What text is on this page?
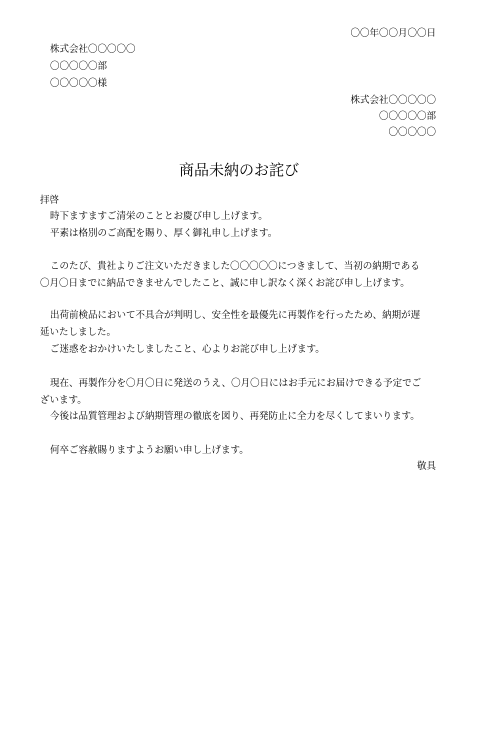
〇〇年〇〇月〇〇日
株式会社〇〇〇〇〇
〇〇〇〇〇部
〇〇〇〇〇様
株式会社〇〇〇〇〇
〇〇〇〇〇部
〇〇〇〇〇
商品未納のお詫び
拝啓
時下ますますご清栄のこととお慶び申し上げます。
平素は格別のご高配を賜り、厚く御礼申し上げます。
このたび、貴社よりご注文いただきました〇〇〇〇〇につきまして、当初の納期である
〇月〇日までに納品できませんでしたこと、誠に申し訳なく深くお詫び申し上げます。
出荷前検品において不具合が判明し、安全性を最優先に再製作を行ったため、納期が遅
延いたしました。
ご迷惑をおかけいたしましたこと、心よりお詫び申し上げます。
現在、再製作分を〇月〇日に発送のうえ、〇月〇日にはお手元にお届けできる予定でご
ざいます。
今後は品質管理および納期管理の徹底を図り、再発防止に全力を尽くしてまいります。
何卒ご容赦賜りますようお願い申し上げます。
敬具
